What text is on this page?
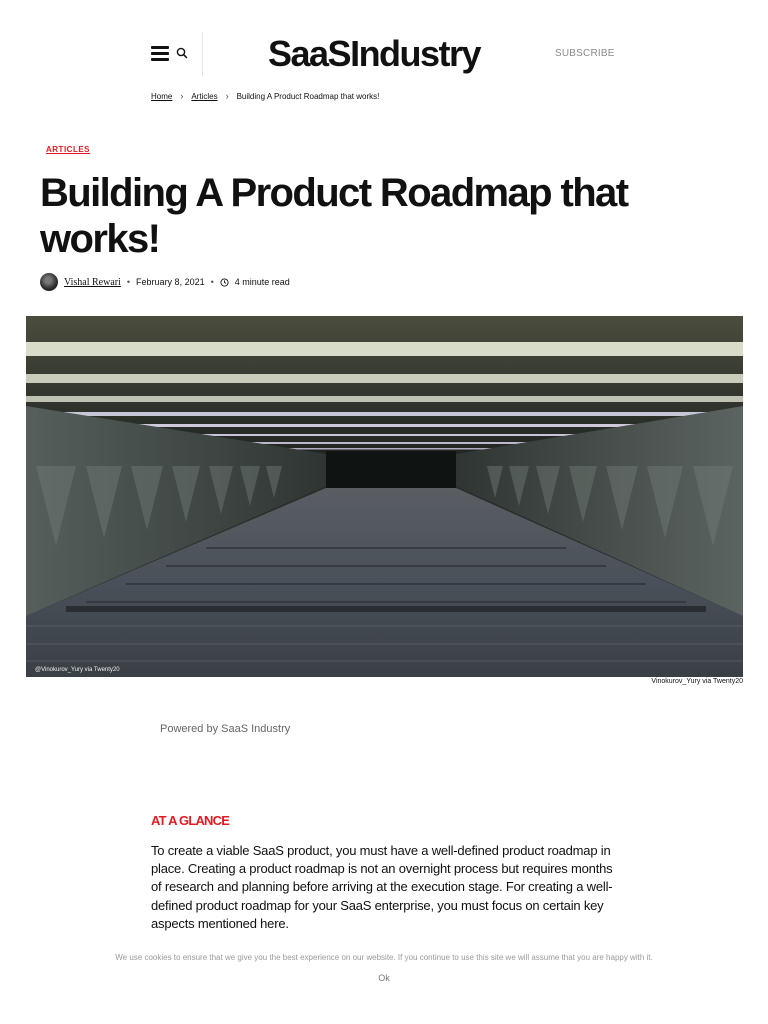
SaaSIndustry	SUBSCRIBE
Home › Articles › Building A Product Roadmap that works!
ARTICLES
Building A Product Roadmap that works!
Vishal Rewari • February 8, 2021 • 4 minute read
@Vinokurov_Yury via Twenty20
Vinokurov_Yury via Twenty20
Powered by SaaS Industry
AT A GLANCE

To create a viable SaaS product, you must have a well-defined product roadmap in place. Creating a product roadmap is not an overnight process but requires months of research and planning before arriving at the execution stage. For creating a well-defined product roadmap for your SaaS enterprise, you must focus on certain key aspects mentioned here.

We use cookies to ensure that we give you the best experience on our website. If you continue to use this site we will assume that you are happy with it.
Ok
